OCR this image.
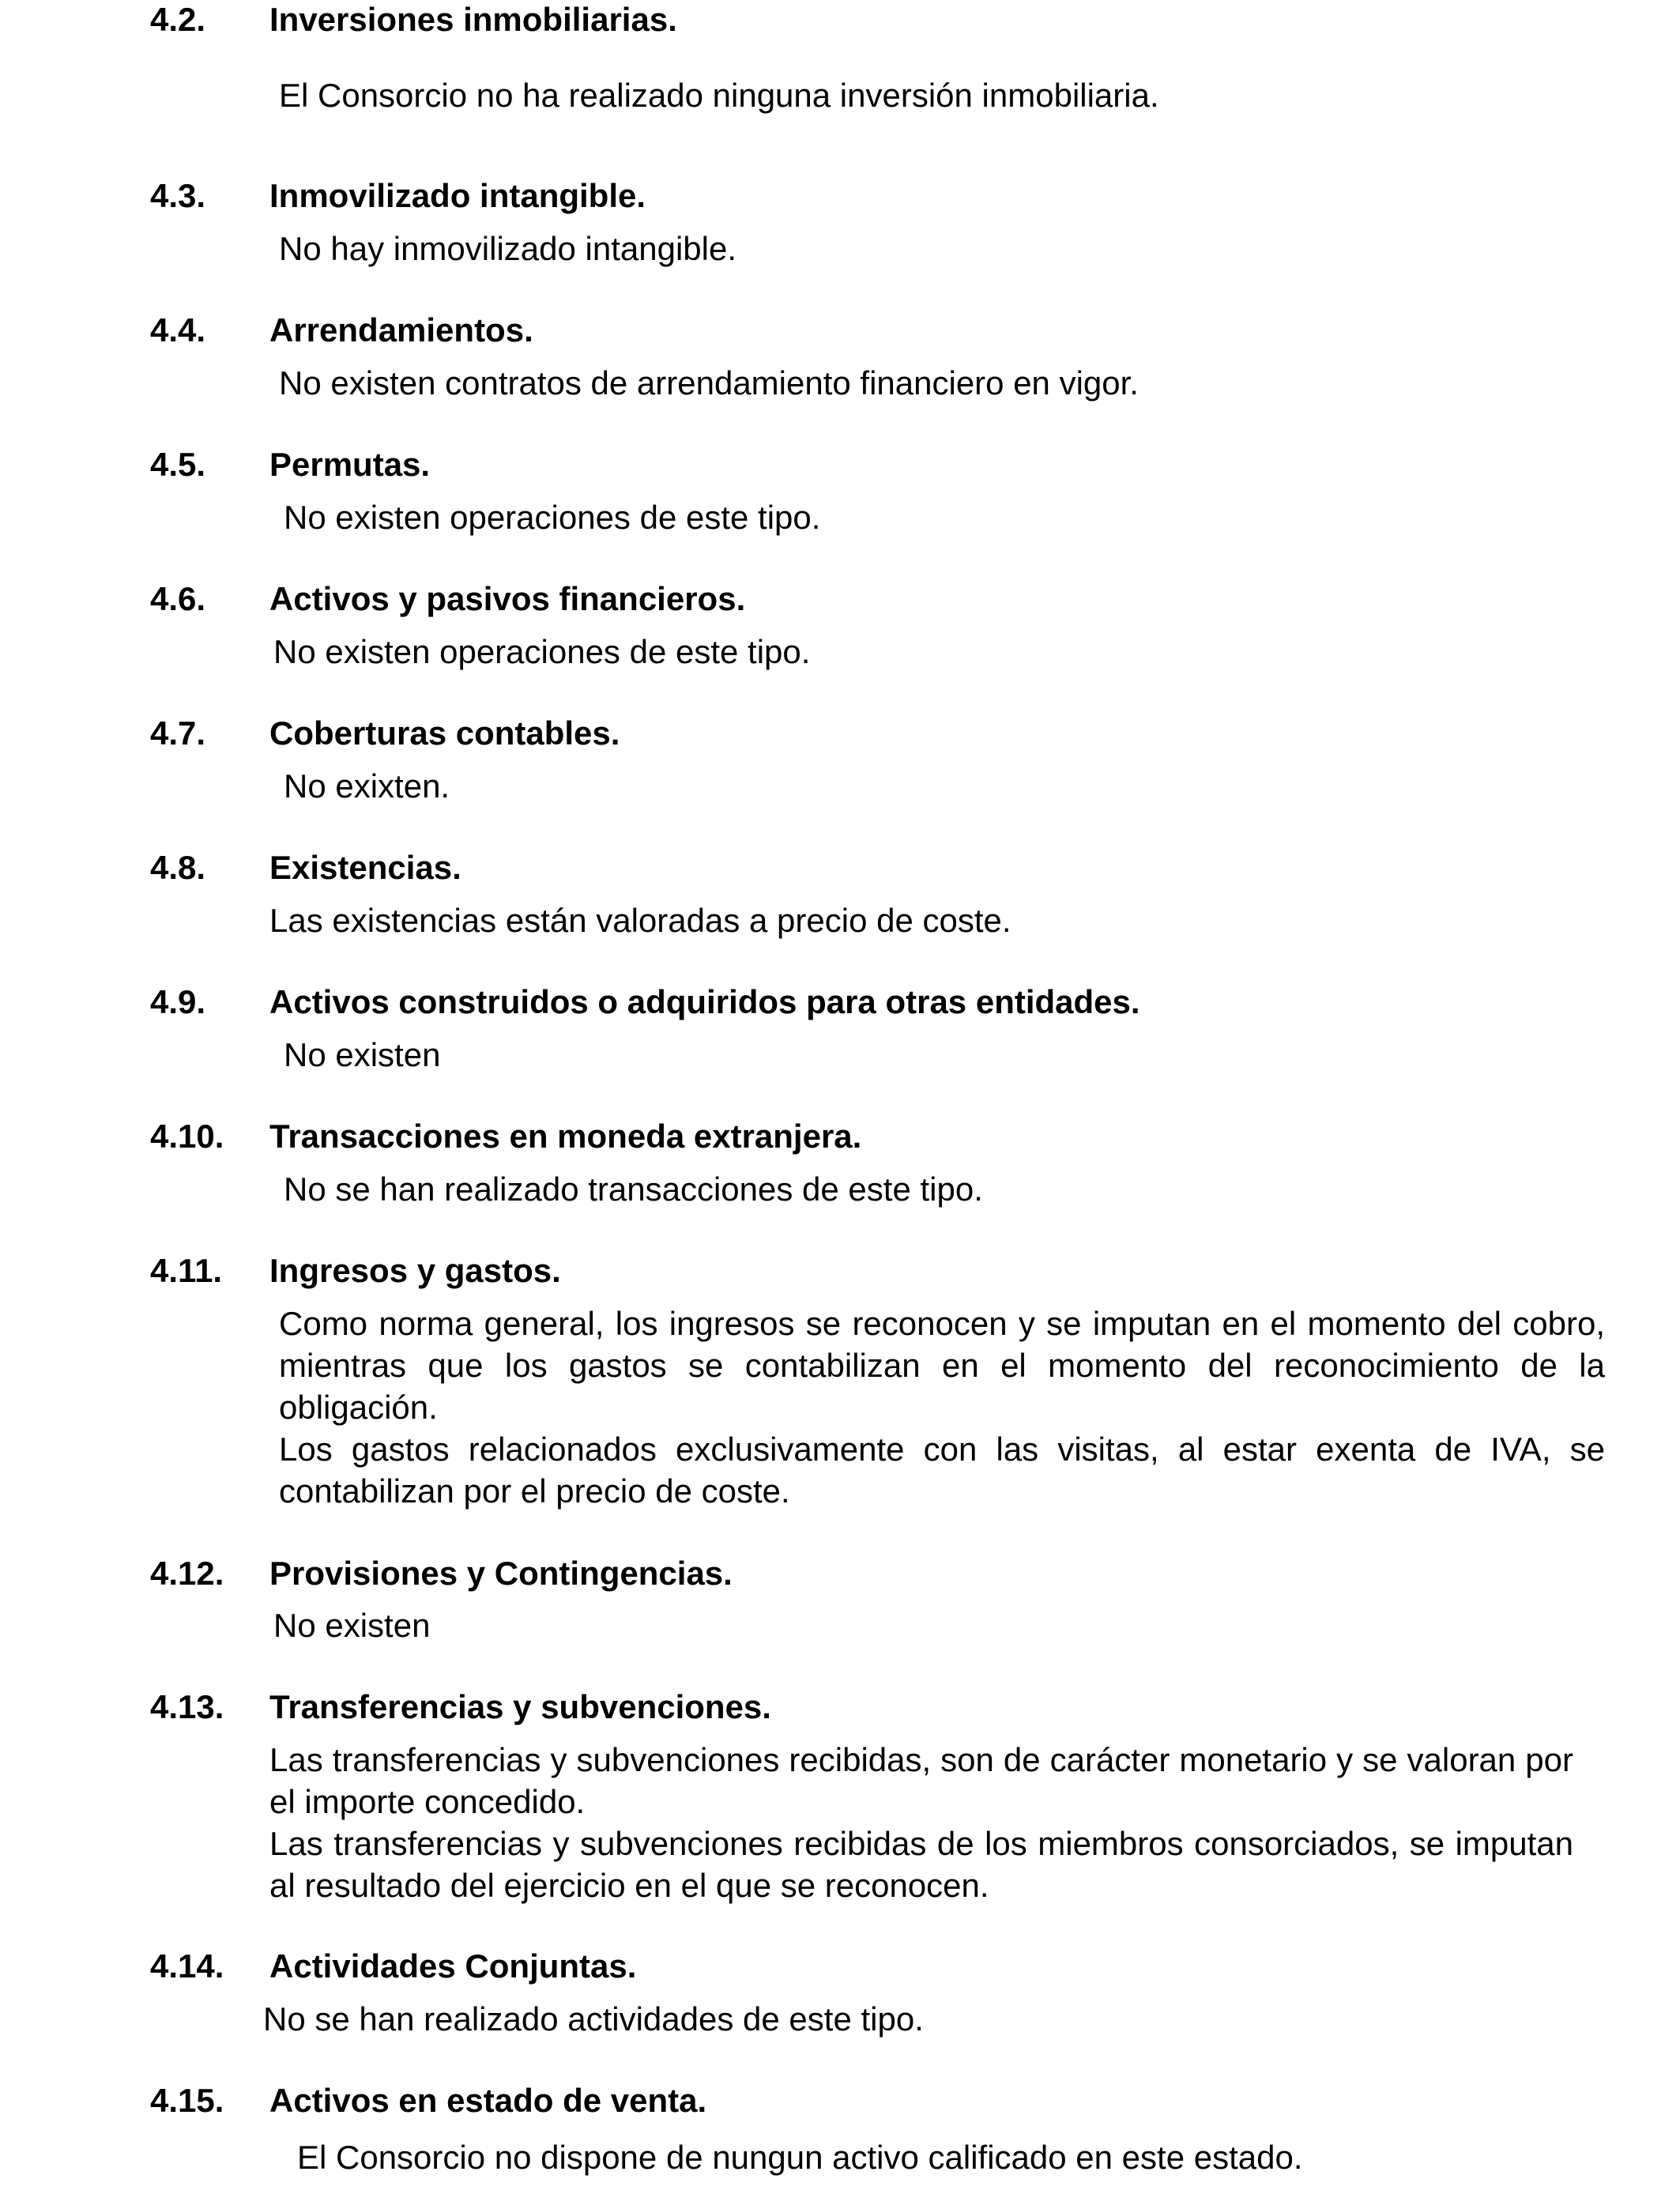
4.2. Inversiones inmobiliarias.
El Consorcio no ha realizado ninguna inversión inmobiliaria.
4.3. Inmovilizado intangible.
No hay inmovilizado intangible.
4.4. Arrendamientos.
No existen contratos de arrendamiento financiero en vigor.
4.5. Permutas.
No existen operaciones de este tipo.
4.6. Activos y pasivos financieros.
No existen operaciones de este tipo.
4.7. Coberturas contables.
No exixten.
4.8. Existencias.
Las existencias están valoradas a precio de coste.
4.9. Activos construidos o adquiridos para otras entidades.
No existen
4.10. Transacciones en moneda extranjera.
No se han realizado transacciones de este tipo.
4.11. Ingresos y gastos.
Como norma general, los ingresos se reconocen y se imputan en el momento del cobro, mientras que los gastos se contabilizan en el momento del reconocimiento de la obligación.
Los gastos relacionados exclusivamente con las visitas, al estar exenta de IVA, se contabilizan por el precio de coste.
4.12. Provisiones y Contingencias.
No existen
4.13. Transferencias y subvenciones.
Las transferencias y subvenciones recibidas, son de carácter monetario y se valoran por el importe concedido.
Las transferencias y subvenciones recibidas de los miembros consorciados, se imputan al resultado del ejercicio en el que se reconocen.
4.14. Actividades Conjuntas.
No se han realizado actividades de este tipo.
4.15. Activos en estado de venta.
El Consorcio no dispone de nungun activo calificado en este estado.
